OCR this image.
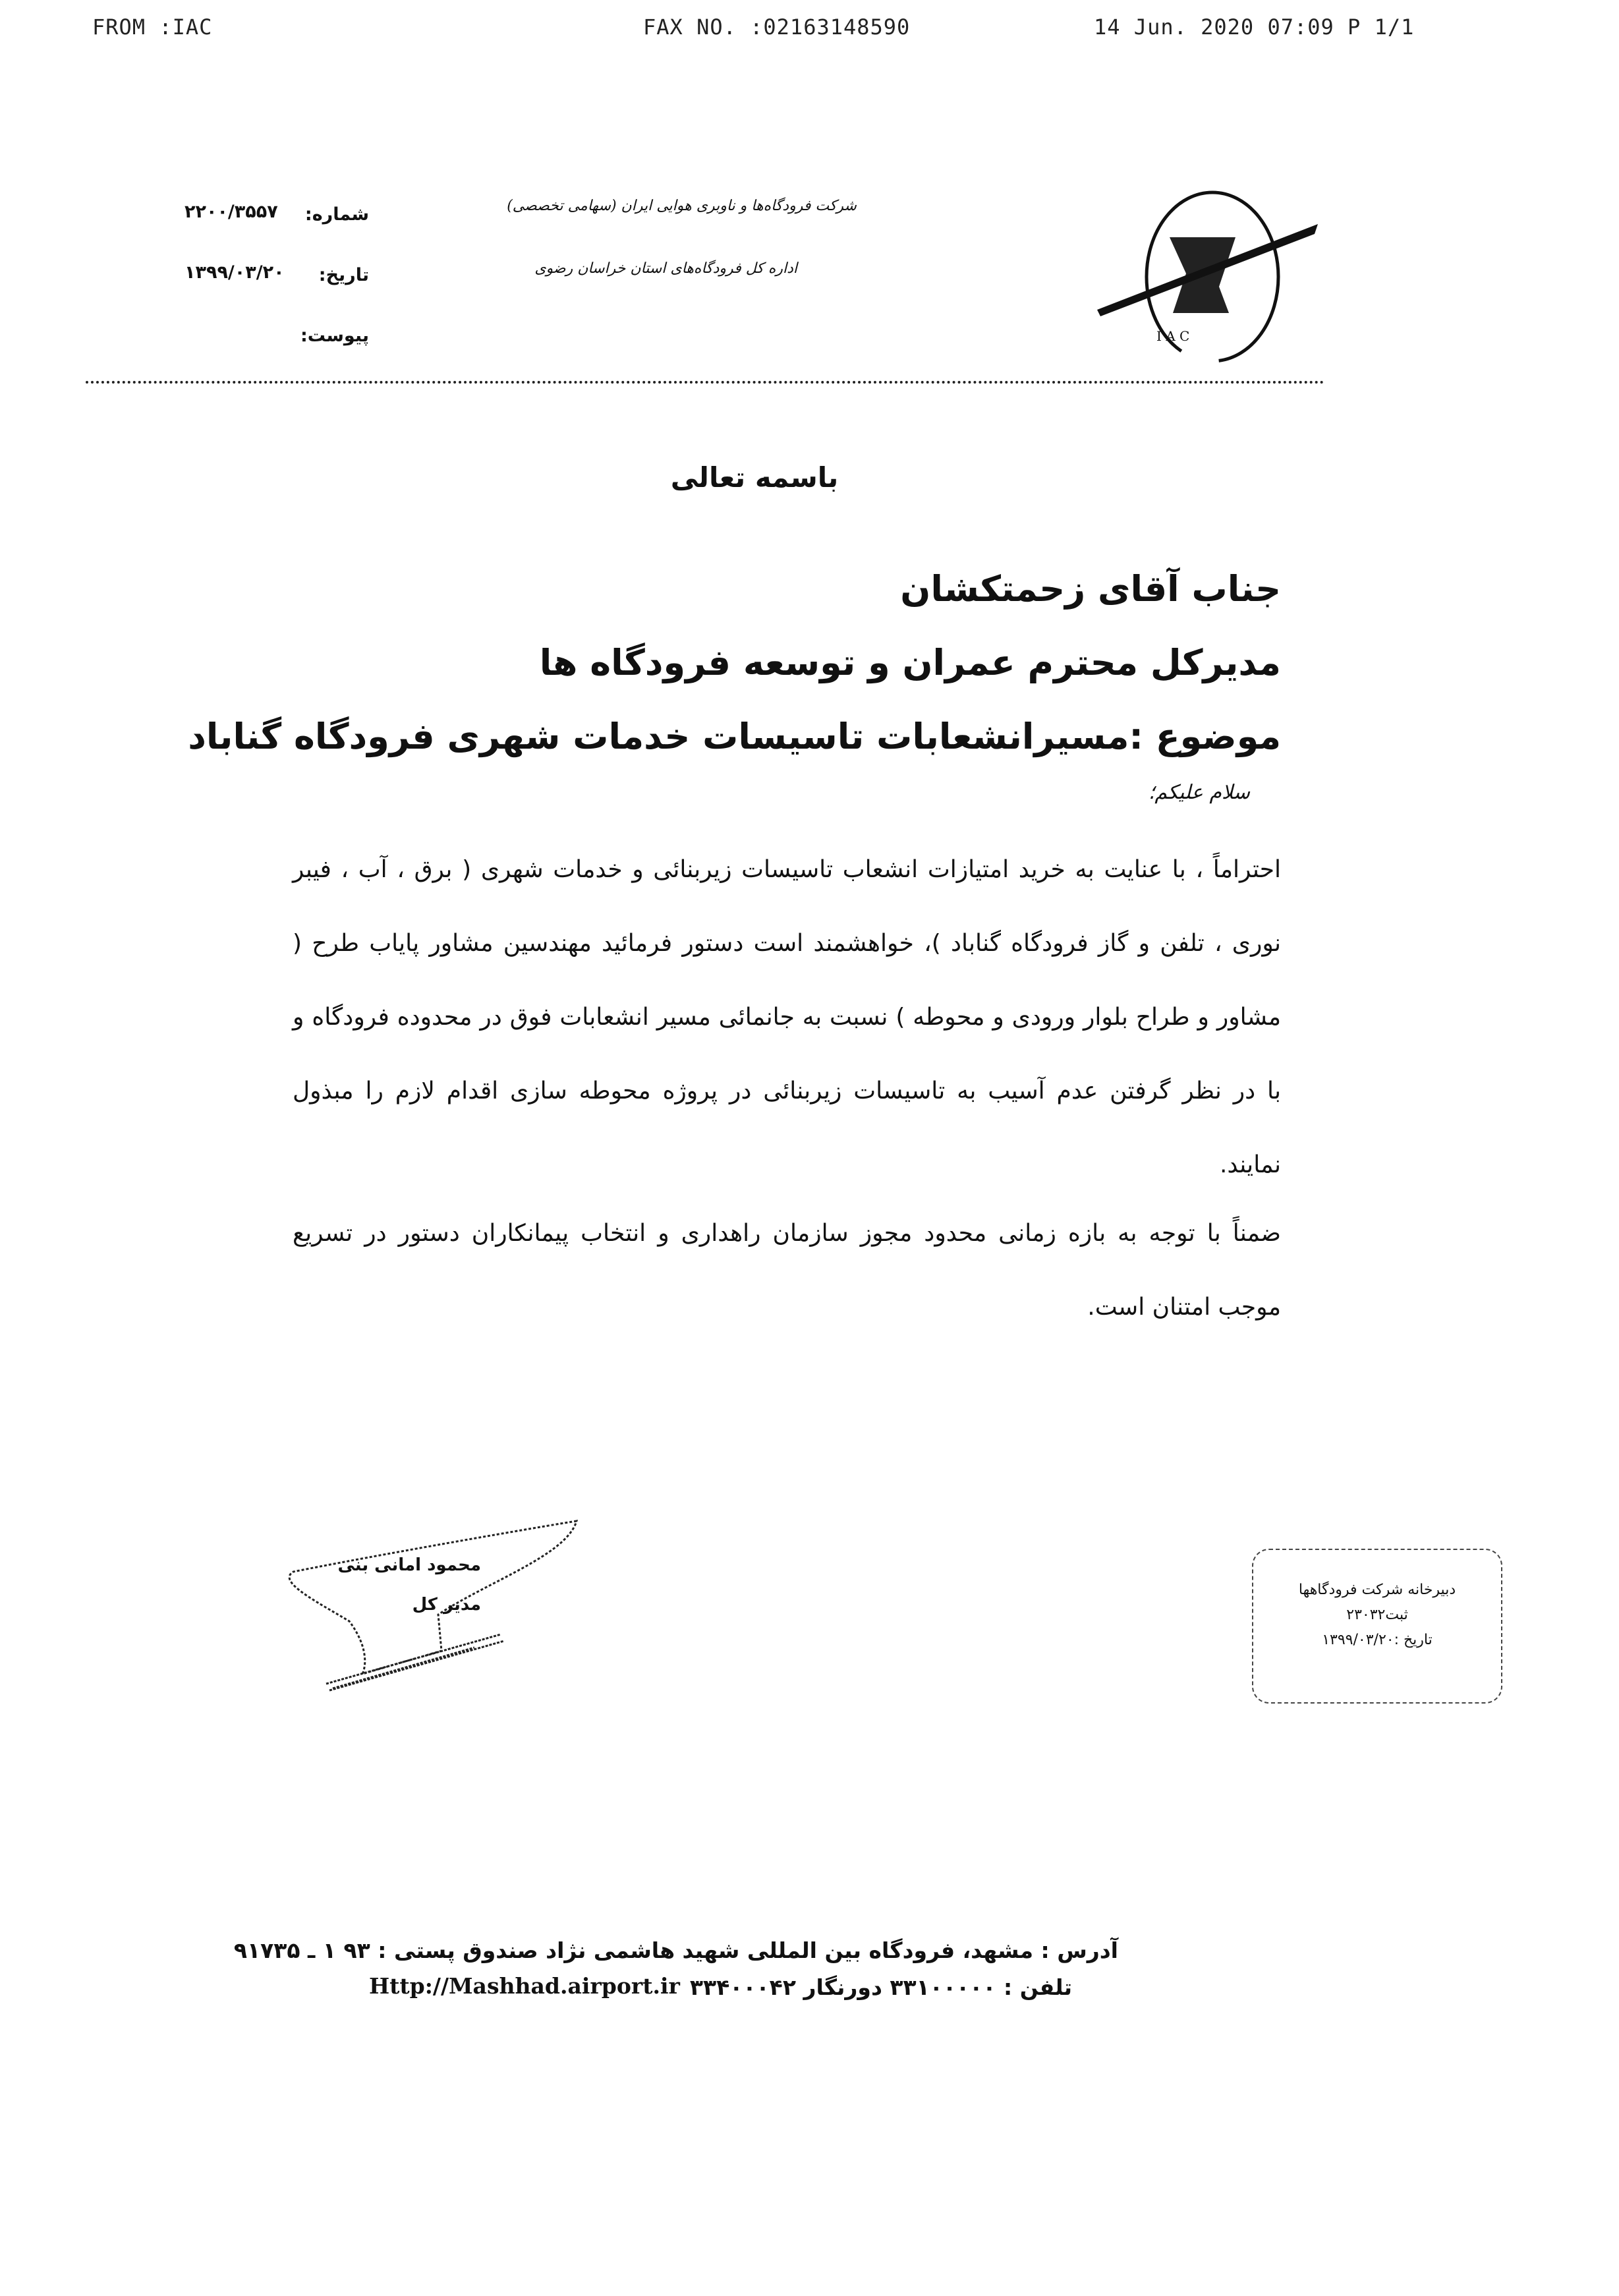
FROM :IAC	FAX NO. :02163148590	14 Jun. 2020 07:09 P 1/1
I A C
شرکت فرودگاه‌ها و ناوبری هوایی ایران (سهامی تخصصی)
اداره کل فرودگاه‌های استان خراسان رضوی
شماره:
۲۲۰۰/۳۵۵۷
تاریخ:
۱۳۹۹/۰۳/۲۰
پیوست:
باسمه تعالی
جناب آقای زحمتکشان
مدیرکل محترم عمران و توسعه فرودگاه ها
موضوع :مسیرانشعابات تاسیسات خدمات شهری فرودگاه گناباد
سلام علیکم؛
احتراماً ، با عنایت به خرید امتیازات انشعاب تاسیسات زیربنائی و خدمات شهری ( برق ، آب ، فیبر نوری ، تلفن و گاز فرودگاه گناباد )، خواهشمند است دستور فرمائید مهندسین مشاور پایاب طرح ( مشاور و طراح بلوار ورودی و محوطه ) نسبت به جانمائی مسیر انشعابات فوق در محدوده فرودگاه و با در نظر گرفتن عدم آسیب به تاسیسات زیربنائی در پروژه محوطه سازی اقدام لازم را مبذول نمایند.
ضمناً با توجه به بازه زمانی محدود مجوز سازمان راهداری و انتخاب پیمانکاران دستور در تسریع موجب امتنان است.
محمود امانی بنی
مدیر کل
دبیرخانه شرکت فرودگاهها
ثبت۲۳۰۳۲
تاریخ :۱۳۹۹/۰۳/۲۰
آدرس : مشهد، فرودگاه بین المللی شهید هاشمی نژاد صندوق پستی : ۹۳ ۱ ـ ۹۱۷۳۵
تلفن : ۳۳۱۰۰۰۰۰ دورنگار ۳۳۴۰۰۰۴۲
Http://Mashhad.airport.ir
